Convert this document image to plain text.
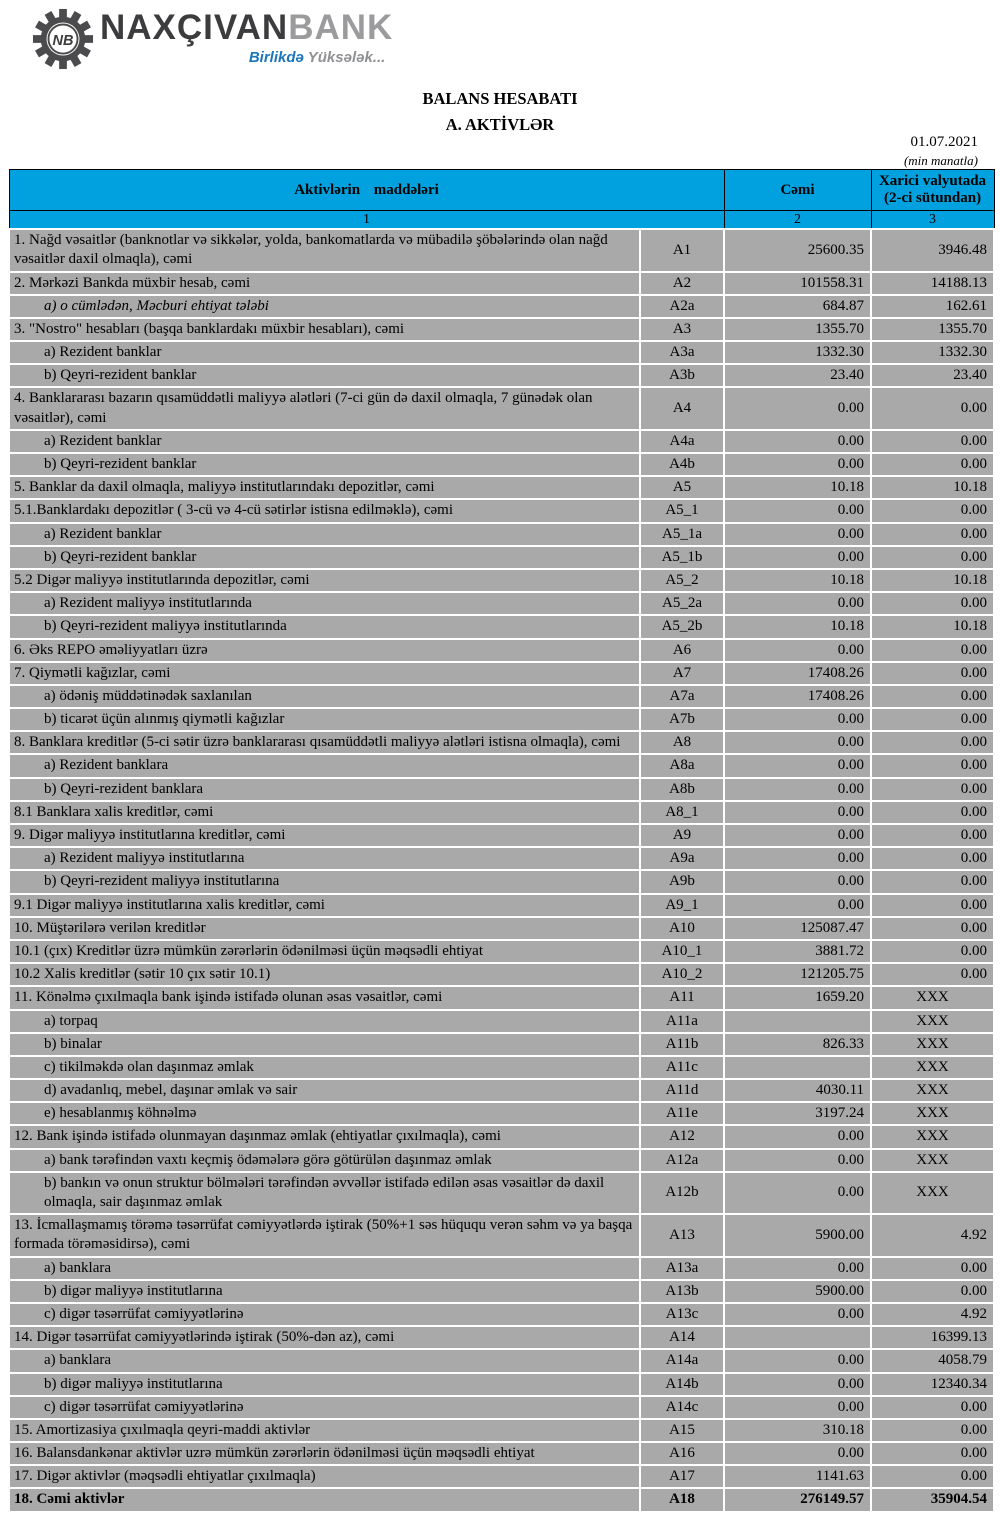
NB NAXÇIVANBANK
Birlikdə Yüksələk...
BALANS HESABATI
A. AKTİVLƏR
01.07.2021
(min manatla)
Aktivlərin maddələri		Cəmi	Xarici valyutada (2-ci sütundan)
1		2	3
1. Nağd vəsaitlər (banknotlar və sikkələr, yolda, bankomatlarda və mübadilə şöbələrində olan nağd vəsaitlər daxil olmaqla), cəmi	A1	25600.35	3946.48
2. Mərkəzi Bankda müxbir hesab, cəmi	A2	101558.31	14188.13
a) o cümlədən, Məcburi ehtiyat tələbi	A2a	684.87	162.61
3. "Nostro" hesabları (başqa banklardakı müxbir hesabları), cəmi	A3	1355.70	1355.70
a) Rezident banklar	A3a	1332.30	1332.30
b) Qeyri-rezident banklar	A3b	23.40	23.40
4. Banklararası bazarın qısamüddətli maliyyə alətləri (7-ci gün də daxil olmaqla, 7 günədək olan vəsaitlər), cəmi	A4	0.00	0.00
a) Rezident banklar	A4a	0.00	0.00
b) Qeyri-rezident banklar	A4b	0.00	0.00
5. Banklar da daxil olmaqla, maliyyə institutlarındakı depozitlər, cəmi	A5	10.18	10.18
5.1.Banklardakı depozitlər ( 3-cü və 4-cü sətirlər istisna edilməklə), cəmi	A5_1	0.00	0.00
a) Rezident banklar	A5_1a	0.00	0.00
b) Qeyri-rezident banklar	A5_1b	0.00	0.00
5.2 Digər maliyyə institutlarında depozitlər, cəmi	A5_2	10.18	10.18
a) Rezident maliyyə institutlarında	A5_2a	0.00	0.00
b) Qeyri-rezident maliyyə institutlarında	A5_2b	10.18	10.18
6. Əks REPO əməliyyatları üzrə	A6	0.00	0.00
7. Qiymətli kağızlar, cəmi	A7	17408.26	0.00
a) ödəniş müddətinədək saxlanılan	A7a	17408.26	0.00
b) ticarət üçün alınmış qiymətli kağızlar	A7b	0.00	0.00
8. Banklara kreditlər (5-ci sətir üzrə banklararası qısamüddətli maliyyə alətləri istisna olmaqla), cəmi	A8	0.00	0.00
a) Rezident banklara	A8a	0.00	0.00
b) Qeyri-rezident banklara	A8b	0.00	0.00
8.1 Banklara xalis kreditlər, cəmi	A8_1	0.00	0.00
9. Digər maliyyə institutlarına kreditlər, cəmi	A9	0.00	0.00
a) Rezident maliyyə institutlarına	A9a	0.00	0.00
b) Qeyri-rezident maliyyə institutlarına	A9b	0.00	0.00
9.1 Digər maliyyə institutlarına xalis kreditlər, cəmi	A9_1	0.00	0.00
10. Müştərilərə verilən kreditlər	A10	125087.47	0.00
10.1 (çıx) Kreditlər üzrə mümkün zərərlərin ödənilməsi üçün məqsədli ehtiyat	A10_1	3881.72	0.00
10.2 Xalis kreditlər (sətir 10 çıx sətir 10.1)	A10_2	121205.75	0.00
11. Könəlmə çıxılmaqla bank işində istifadə olunan əsas vəsaitlər, cəmi	A11	1659.20	XXX
a) torpaq	A11a		XXX
b) binalar	A11b	826.33	XXX
c) tikilməkdə olan daşınmaz əmlak	A11c		XXX
d) avadanlıq, mebel, daşınar əmlak və sair	A11d	4030.11	XXX
e) hesablanmış köhnəlmə	A11e	3197.24	XXX
12. Bank işində istifadə olunmayan daşınmaz əmlak (ehtiyatlar çıxılmaqla), cəmi	A12	0.00	XXX
a) bank tərəfindən vaxtı keçmiş ödəmələrə görə götürülən daşınmaz əmlak	A12a	0.00	XXX
b) bankın və onun struktur bölmələri tərəfindən əvvəllər istifadə edilən əsas vəsaitlər də daxil olmaqla, sair daşınmaz əmlak	A12b	0.00	XXX
13. İcmallaşmamış törəmə təsərrüfat cəmiyyətlərdə iştirak (50%+1 səs hüququ verən səhm və ya başqa formada törəməsidirsə), cəmi	A13	5900.00	4.92
a) banklara	A13a	0.00	0.00
b) digər maliyyə institutlarına	A13b	5900.00	0.00
c) digər təsərrüfat cəmiyyətlərinə	A13c	0.00	4.92
14. Digər təsərrüfat cəmiyyətlərində iştirak (50%-dən az), cəmi	A14		16399.13
a) banklara	A14a	0.00	4058.79
b) digər maliyyə institutlarına	A14b	0.00	12340.34
c) digər təsərrüfat cəmiyyətlərinə	A14c	0.00	0.00
15. Amortizasiya çıxılmaqla qeyri-maddi aktivlər	A15	310.18	0.00
16. Balansdankənar aktivlər uzrə mümkün zərərlərin ödənilməsi üçün məqsədli ehtiyat	A16	0.00	0.00
17. Digər aktivlər (məqsədli ehtiyatlar çıxılmaqla)	A17	1141.63	0.00
18. Cəmi aktivlər	A18	276149.57	35904.54
